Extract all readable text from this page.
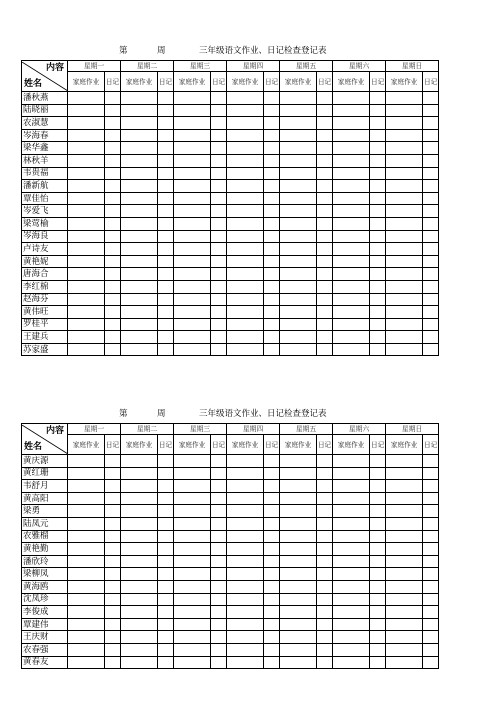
第	周	三年级语文作业、日记检查登记表
内容
姓名	星期一		星期二		星期三		星期四		星期五		星期六		星期日	
	家庭作业	日记	家庭作业	日记	家庭作业	日记	家庭作业	日记	家庭作业	日记	家庭作业	日记	家庭作业	日记
潘秋燕														
陆晓丽														
农淑慧														
岑海春														
梁华鑫														
林秋羊														
韦贵福														
潘新航														
覃佳怡														
岑爱飞														
梁莺榆														
岑海良														
卢诗友														
黄艳妮														
唐海合														
李红棉														
赵海芬														
黄伟旺														
罗桂平														
王建兵														
苏家盛														
第	周	三年级语文作业、日记检查登记表
内容
姓名	星期一		星期二		星期三		星期四		星期五		星期六		星期日	
	家庭作业	日记	家庭作业	日记	家庭作业	日记	家庭作业	日记	家庭作业	日记	家庭作业	日记	家庭作业	日记
黄庆源														
黄红珊														
韦舒月														
黄高阳														
梁勇														
陆凤元														
农雅榴														
黄艳勤														
潘欣玲														
梁柳凤														
黄海鸥														
沈凤珍														
李俊成														
覃建伟														
王庆财														
农春强														
黄春友														
